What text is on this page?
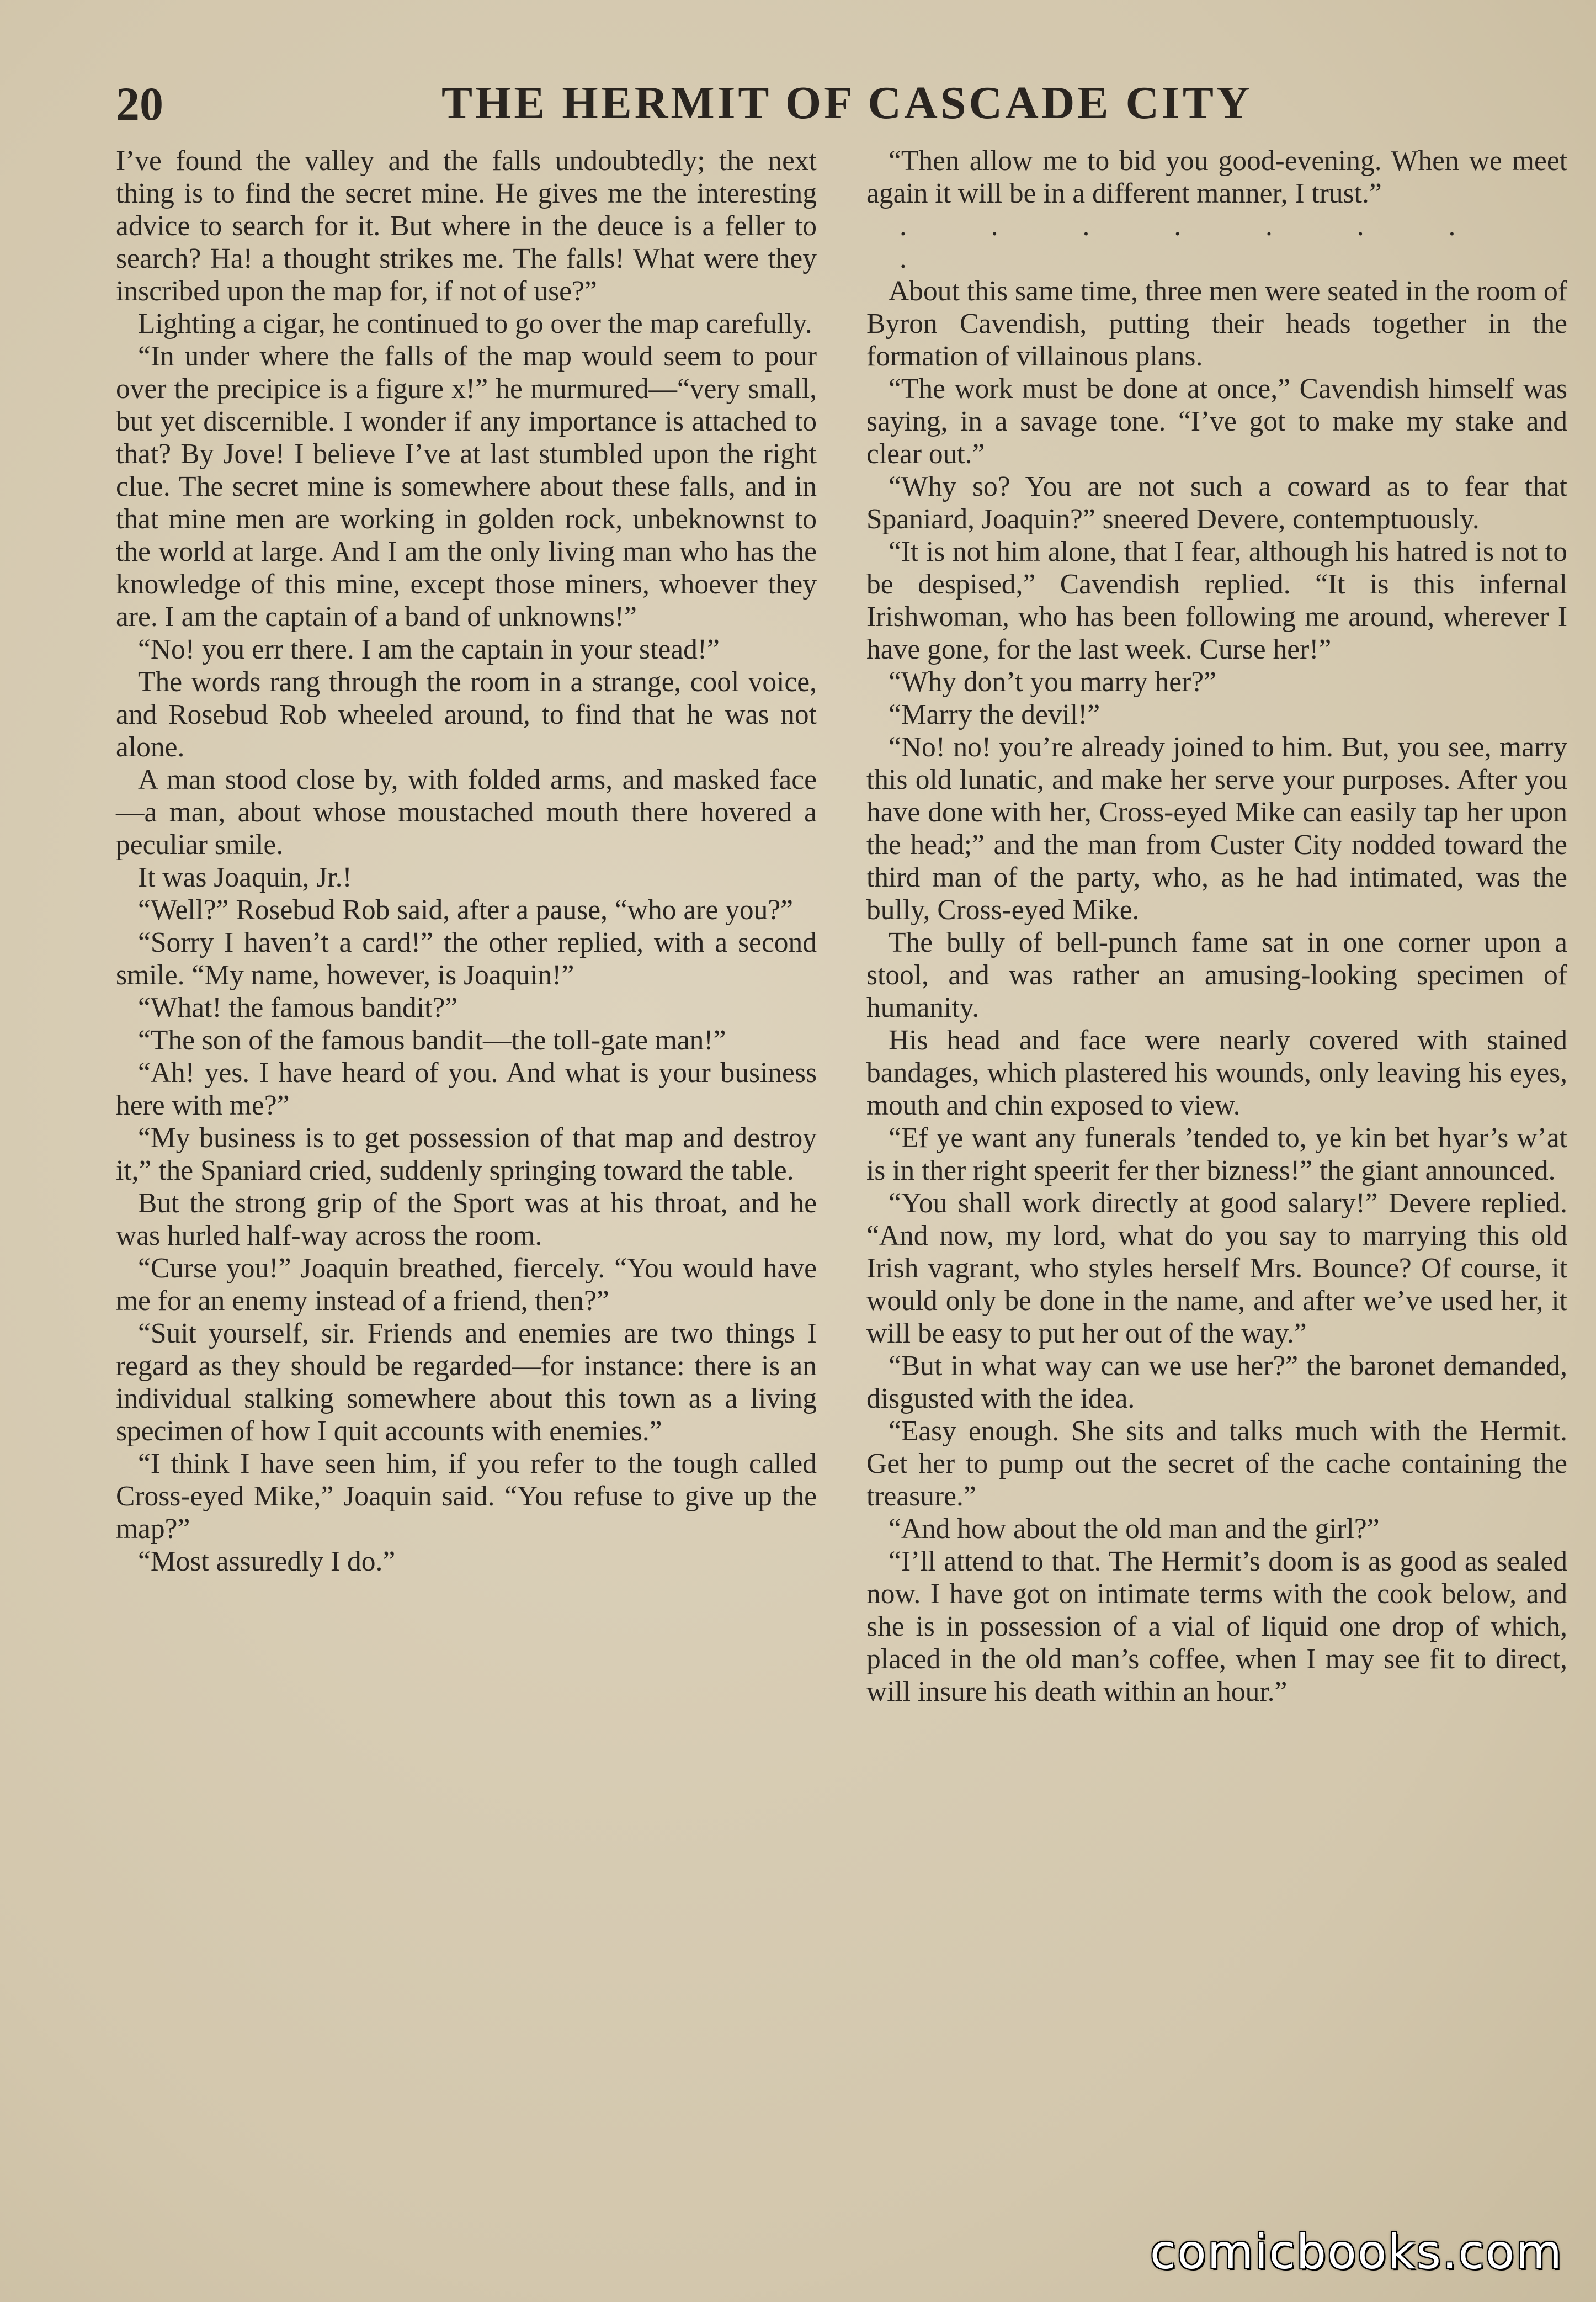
20	THE HERMIT OF CASCADE CITY

I’ve found the valley and the falls undoubtedly; the next thing is to find the secret mine. He gives me the interesting advice to search for it. But where in the deuce is a feller to search? Ha! a thought strikes me. The falls! What were they inscribed upon the map for, if not of use?”

Lighting a cigar, he continued to go over the map carefully.

“In under where the falls of the map would seem to pour over the precipice is a figure x!” he murmured—“very small, but yet discernible. I wonder if any importance is attached to that? By Jove! I believe I’ve at last stumbled upon the right clue. The secret mine is somewhere about these falls, and in that mine men are working in golden rock, unbeknownst to the world at large. And I am the only living man who has the knowledge of this mine, except those miners, whoever they are. I am the captain of a band of unknowns!”

“No! you err there. I am the captain in your stead!”

The words rang through the room in a strange, cool voice, and Rosebud Rob wheeled around, to find that he was not alone.

A man stood close by, with folded arms, and masked face—a man, about whose moustached mouth there hovered a peculiar smile.

It was Joaquin, Jr.!

“Well?” Rosebud Rob said, after a pause, “who are you?”

“Sorry I haven’t a card!” the other replied, with a second smile. “My name, however, is Joaquin!”

“What! the famous bandit?”

“The son of the famous bandit—the toll-gate man!”

“Ah! yes. I have heard of you. And what is your business here with me?”

“My business is to get possession of that map and destroy it,” the Spaniard cried, suddenly springing toward the table.

But the strong grip of the Sport was at his throat, and he was hurled half-way across the room.

“Curse you!” Joaquin breathed, fiercely. “You would have me for an enemy instead of a friend, then?”

“Suit yourself, sir. Friends and enemies are two things I regard as they should be regarded—for instance: there is an individual stalking somewhere about this town as a living specimen of how I quit accounts with enemies.”

“I think I have seen him, if you refer to the tough called Cross-eyed Mike,” Joaquin said. “You refuse to give up the map?”

“Most assuredly I do.”

“Then allow me to bid you good-evening. When we meet again it will be in a different manner, I trust.”

. . . . . . . .

About this same time, three men were seated in the room of Byron Cavendish, putting their heads together in the formation of villainous plans.

“The work must be done at once,” Cavendish himself was saying, in a savage tone. “I’ve got to make my stake and clear out.”

“Why so? You are not such a coward as to fear that Spaniard, Joaquin?” sneered Devere, contemptuously.

“It is not him alone, that I fear, although his hatred is not to be despised,” Cavendish replied. “It is this infernal Irishwoman, who has been following me around, wherever I have gone, for the last week. Curse her!”

“Why don’t you marry her?”

“Marry the devil!”

“No! no! you’re already joined to him. But, you see, marry this old lunatic, and make her serve your purposes. After you have done with her, Cross-eyed Mike can easily tap her upon the head;” and the man from Custer City nodded toward the third man of the party, who, as he had intimated, was the bully, Cross-eyed Mike.

The bully of bell-punch fame sat in one corner upon a stool, and was rather an amusing-looking specimen of humanity.

His head and face were nearly covered with stained bandages, which plastered his wounds, only leaving his eyes, mouth and chin exposed to view.

“Ef ye want any funerals ’tended to, ye kin bet hyar’s w’at is in ther right speerit fer ther bizness!” the giant announced.

“You shall work directly at good salary!” Devere replied. “And now, my lord, what do you say to marrying this old Irish vagrant, who styles herself Mrs. Bounce? Of course, it would only be done in the name, and after we’ve used her, it will be easy to put her out of the way.”

“But in what way can we use her?” the baronet demanded, disgusted with the idea.

“Easy enough. She sits and talks much with the Hermit. Get her to pump out the secret of the cache containing the treasure.”

“And how about the old man and the girl?”

“I’ll attend to that. The Hermit’s doom is as good as sealed now. I have got on intimate terms with the cook below, and she is in possession of a vial of liquid one drop of which, placed in the old man’s coffee, when I may see fit to direct, will insure his death within an hour.”

comicbooks.com
